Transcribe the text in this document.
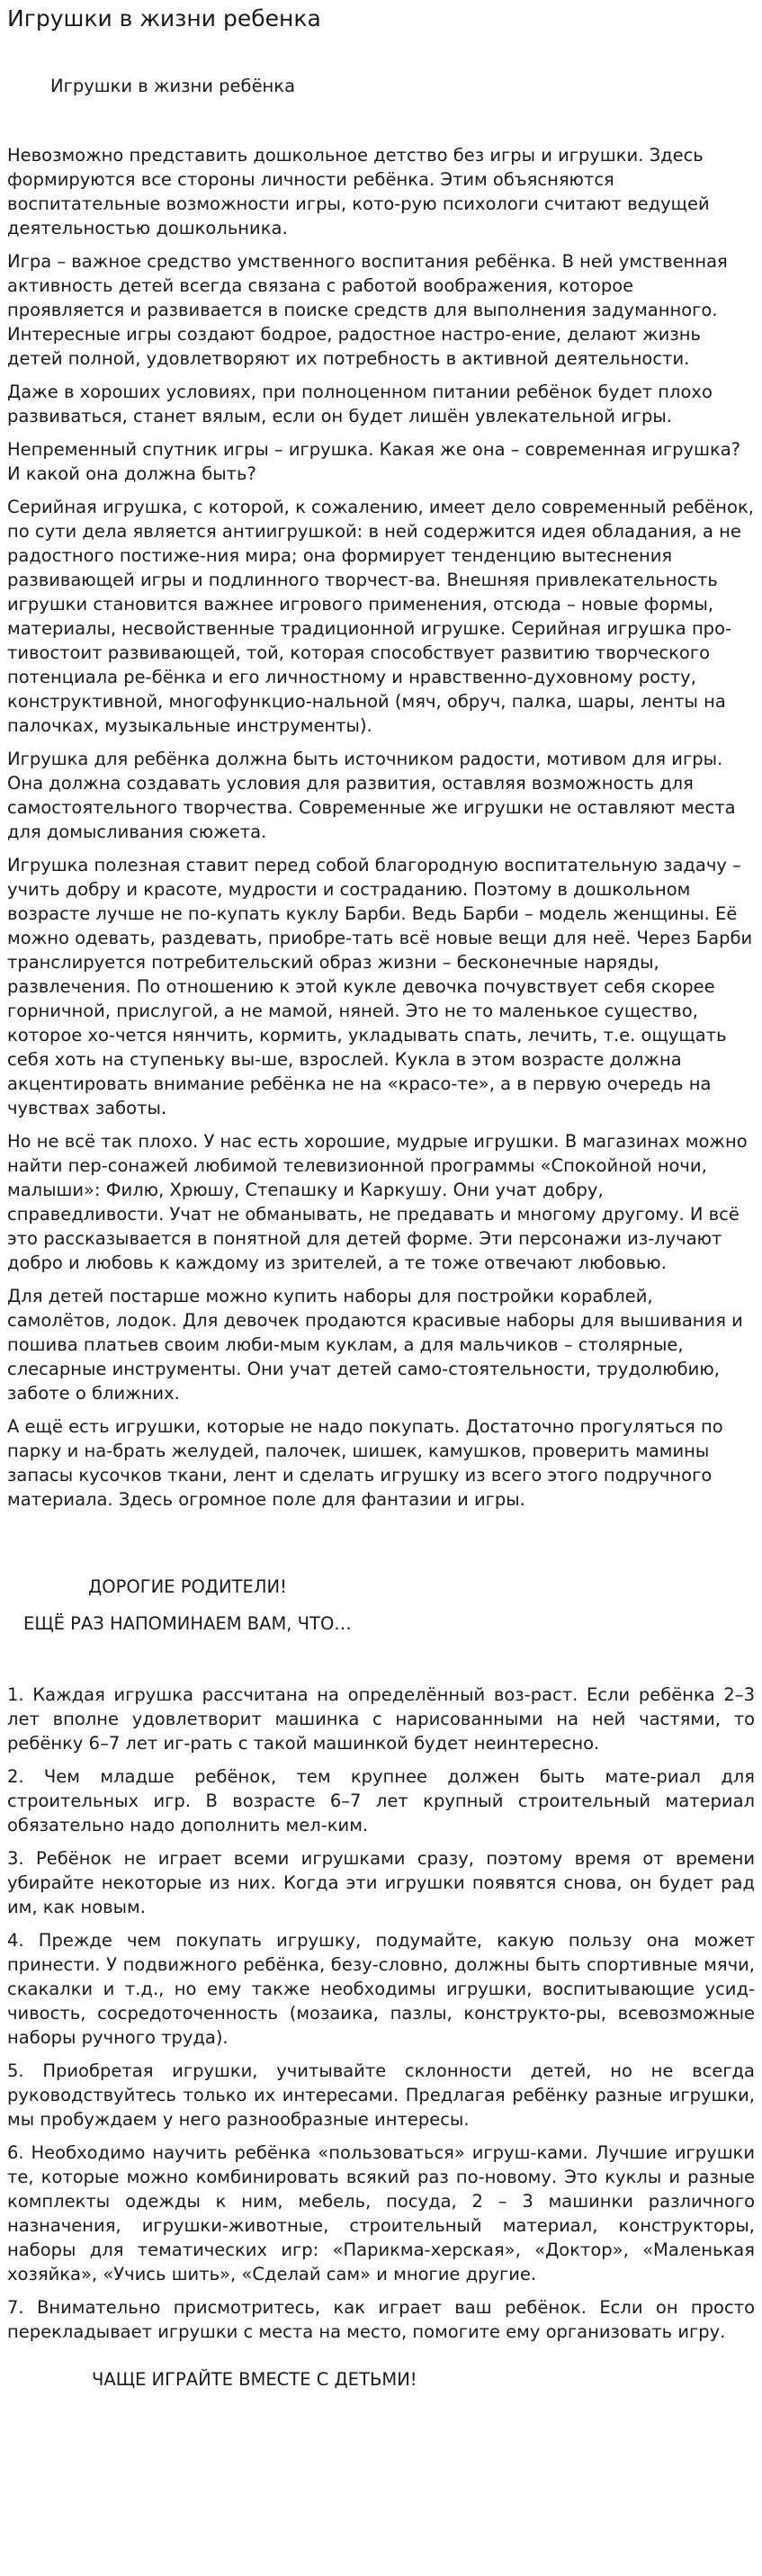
Игрушки в жизни ребенка
Игрушки в жизни ребёнка

Невозможно представить дошкольное детство без игры и игрушки. Здесь формируются все стороны личности ребёнка. Этим объясняются воспитательные возможности игры, кото-рую психологи считают ведущей деятельностью дошкольника.

Игра – важное средство умственного воспитания ребёнка. В ней умственная активность детей всегда связана с работой воображения, которое проявляется и развивается в поиске средств для выполнения задуманного. Интересные игры создают бодрое, радостное настро-ение, делают жизнь детей полной, удовлетворяют их потребность в активной деятельности.

Даже в хороших условиях, при полноценном питании ребёнок будет плохо развиваться, станет вялым, если он будет лишён увлекательной игры.

Непременный спутник игры – игрушка. Какая же она – современная игрушка? И какой она должна быть?

Серийная игрушка, с которой, к сожалению, имеет дело современный ребёнок, по сути дела является антиигрушкой: в ней содержится идея обладания, а не радостного постиже-ния мира; она формирует тенденцию вытеснения развивающей игры и подлинного творчест-ва. Внешняя привлекательность игрушки становится важнее игрового применения, отсюда – новые формы, материалы, несвойственные традиционной игрушке. Серийная игрушка про-тивостоит развивающей, той, которая способствует развитию творческого потенциала ре-бёнка и его личностному и нравственно-духовному росту, конструктивной, многофункцио-нальной (мяч, обруч, палка, шары, ленты на палочках, музыкальные инструменты).

Игрушка для ребёнка должна быть источником радости, мотивом для игры. Она должна создавать условия для развития, оставляя возможность для самостоятельного творчества. Современные же игрушки не оставляют места для домысливания сюжета.

Игрушка полезная ставит перед собой благородную воспитательную задачу – учить добру и красоте, мудрости и состраданию. Поэтому в дошкольном возрасте лучше не по-купать куклу Барби. Ведь Барби – модель женщины. Её можно одевать, раздевать, приобре-тать всё новые вещи для неё. Через Барби транслируется потребительский образ жизни – бесконечные наряды, развлечения. По отношению к этой кукле девочка почувствует себя скорее горничной, прислугой, а не мамой, няней. Это не то маленькое существо, которое хо-чется нянчить, кормить, укладывать спать, лечить, т.е. ощущать себя хоть на ступеньку вы-ше, взрослей. Кукла в этом возрасте должна акцентировать внимание ребёнка не на «красо-те», а в первую очередь на чувствах заботы.

Но не всё так плохо. У нас есть хорошие, мудрые игрушки. В магазинах можно найти пер-сонажей любимой телевизионной программы «Спокойной ночи, малыши»: Филю, Хрюшу, Степашку и Каркушу. Они учат добру, справедливости. Учат не обманывать, не предавать и многому другому. И всё это рассказывается в понятной для детей форме. Эти персонажи из-лучают добро и любовь к каждому из зрителей, а те тоже отвечают любовью.

Для детей постарше можно купить наборы для постройки кораблей, самолётов, лодок. Для девочек продаются красивые наборы для вышивания и пошива платьев своим люби-мым куклам, а для мальчиков – столярные, слесарные инструменты. Они учат детей само-стоятельности, трудолюбию, заботе о ближних.

А ещё есть игрушки, которые не надо покупать. Достаточно прогуляться по парку и на-брать желудей, палочек, шишек, камушков, проверить мамины запасы кусочков ткани, лент и сделать игрушку из всего этого подручного материала. Здесь огромное поле для фантазии и игры.

ДОРОГИЕ РОДИТЕЛИ!
ЕЩЁ РАЗ НАПОМИНАЕМ ВАМ, ЧТО…

1. Каждая игрушка рассчитана на определённый воз-раст. Если ребёнка 2–3 лет вполне удовлетворит машинка с нарисованными на ней частями, то ребёнку 6–7 лет иг-рать с такой машинкой будет неинтересно.

2. Чем младше ребёнок, тем крупнее должен быть мате-риал для строительных игр. В возрасте 6–7 лет крупный строительный материал обязательно надо дополнить мел-ким.

3. Ребёнок не играет всеми игрушками сразу, поэтому время от времени убирайте некоторые из них. Когда эти игрушки появятся снова, он будет рад им, как новым.

4. Прежде чем покупать игрушку, подумайте, какую пользу она может принести. У подвижного ребёнка, безу-словно, должны быть спортивные мячи, скакалки и т.д., но ему также необходимы игрушки, воспитывающие усид-чивость, сосредоточенность (мозаика, пазлы, конструкто-ры, всевозможные наборы ручного труда).

5. Приобретая игрушки, учитывайте склонности детей, но не всегда руководствуйтесь только их интересами. Предлагая ребёнку разные игрушки, мы пробуждаем у него разнообразные интересы.

6. Необходимо научить ребёнка «пользоваться» игруш-ками. Лучшие игрушки те, которые можно комбинировать всякий раз по-новому. Это куклы и разные комплекты одежды к ним, мебель, посуда, 2 – 3 машинки различного назначения, игрушки-животные, строительный материал, конструкторы, наборы для тематических игр: «Парикма-херская», «Доктор», «Маленькая хозяйка», «Учись шить», «Сделай сам» и многие другие.

7. Внимательно присмотритесь, как играет ваш ребёнок. Если он просто перекладывает игрушки с места на место, помогите ему организовать игру.

ЧАЩЕ ИГРАЙТЕ ВМЕСТЕ С ДЕТЬМИ!
